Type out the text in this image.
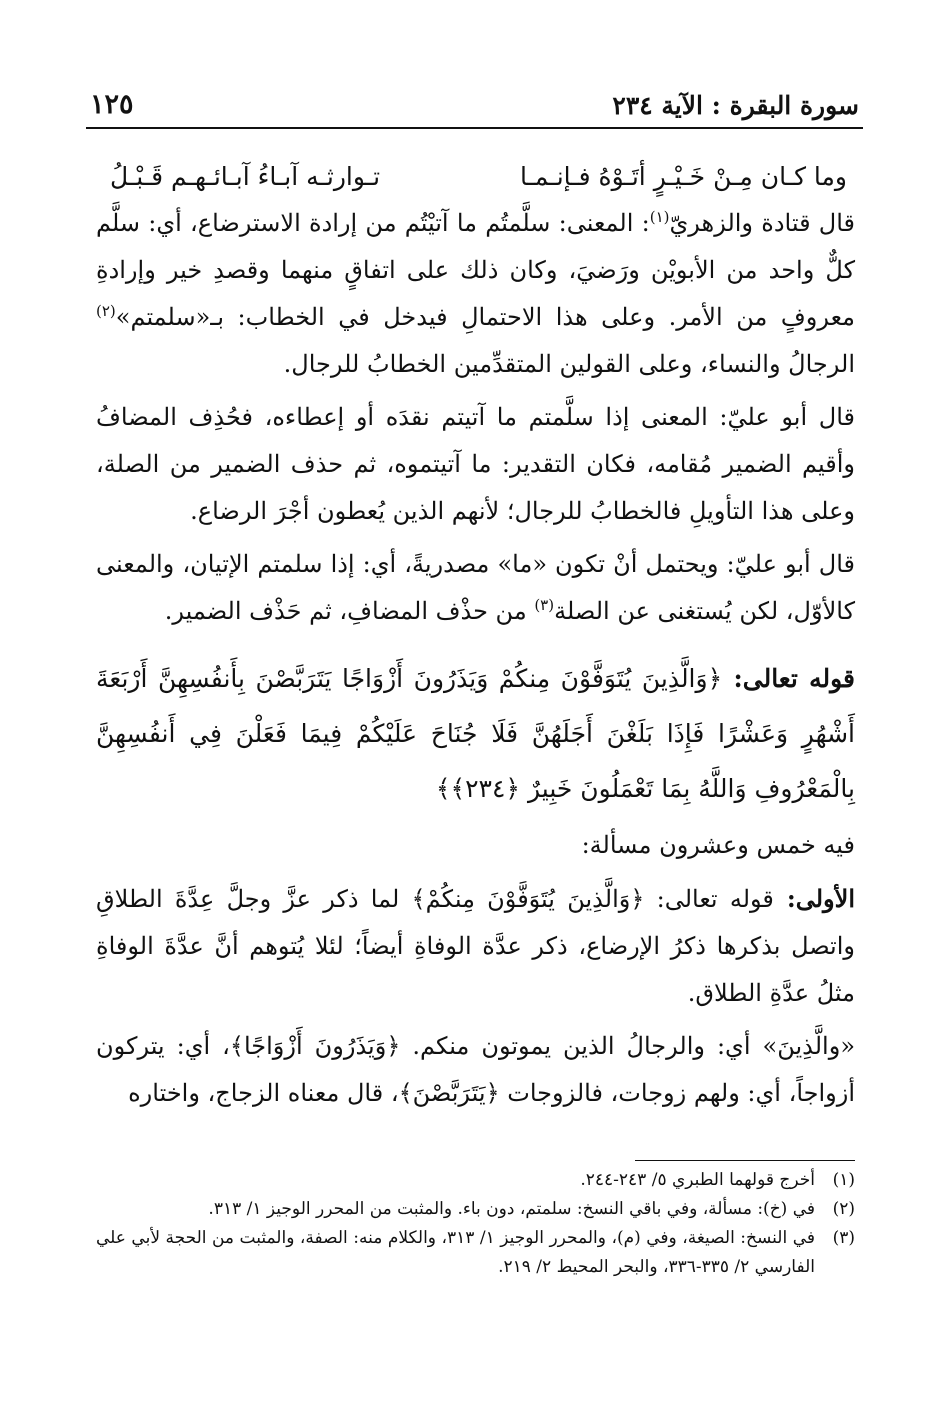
سورة البقرة : الآية ٢٣٤
١٢٥
وما كـان مِـنْ خَـيْـرٍ أتَـوْهُ فـإنـمـا
تـوارثـه آبـاءُ آبـائـهـم قَـبْـلُ

قال قتادة والزهريّ$^{(١)}$: المعنى: سلَّمتُم ما آتيْتُم من إرادة الاسترضاع، أي: سلَّم كلٌّ واحد من الأبويْن ورَضيَ، وكان ذلك على اتفاقٍ منهما وقصدِ خير وإرادةِ معروفٍ من الأمر. وعلى هذا الاحتمالِ فيدخل في الخطاب: بـ«سلمتم»$^{(٢)}$ الرجالُ والنساء، وعلى القولين المتقدِّمين الخطابُ للرجال.

قال أبو عليّ: المعنى إذا سلَّمتم ما آتيتم نقدَه أو إعطاءه، فحُذِف المضافُ وأقيم الضمير مُقامه، فكان التقدير: ما آتيتموه، ثم حذف الضمير من الصلة، وعلى هذا التأويلِ فالخطابُ للرجال؛ لأنهم الذين يُعطون أجْرَ الرضاع.

قال أبو عليّ: ويحتمل أنْ تكون «ما» مصدريةً، أي: إذا سلمتم الإتيان، والمعنى كالأوّل، لكن يُستغنى عن الصلة$^{(٣)}$ من حذْف المضافِ، ثم حَذْف الضمير.

قوله تعالى: ﴿وَالَّذِينَ يُتَوَفَّوْنَ مِنكُمْ وَيَذَرُونَ أَزْوَاجًا يَتَرَبَّصْنَ بِأَنفُسِهِنَّ أَرْبَعَةَ أَشْهُرٍ وَعَشْرًا فَإِذَا بَلَغْنَ أَجَلَهُنَّ فَلَا جُنَاحَ عَلَيْكُمْ فِيمَا فَعَلْنَ فِي أَنفُسِهِنَّ بِالْمَعْرُوفِ وَاللَّهُ بِمَا تَعْمَلُونَ خَبِيرٌ ﴿٢٣٤﴾﴾

فيه خمس وعشرون مسألة:

الأولى: قوله تعالى: ﴿وَالَّذِينَ يُتَوَفَّوْنَ مِنكُمْ﴾ لما ذكر عزَّ وجلَّ عِدَّةَ الطلاقِ واتصل بذكرها ذكرُ الإرضاع، ذكر عدَّة الوفاةِ أيضاً؛ لئلا يُتوهم أنَّ عدَّةَ الوفاةِ مثلُ عدَّةِ الطلاق.

«والَّذِينَ» أي: والرجالُ الذين يموتون منكم. ﴿وَيَذَرُونَ أَزْوَاجًا﴾، أي: يتركون أزواجاً، أي: ولهم زوجات، فالزوجات ﴿يَتَرَبَّصْنَ﴾، قال معناه الزجاج، واختاره

(١)
أخرج قولهما الطبري ٥/ ٢٤٣-٢٤٤.
(٢)
في (خ): مسألة، وفي باقي النسخ: سلمتم، دون باء. والمثبت من المحرر الوجيز ١/ ٣١٣.
(٣)
في النسخ: الصيغة، وفي (م)، والمحرر الوجيز ١/ ٣١٣، والكلام منه: الصفة، والمثبت من الحجة لأبي علي الفارسي ٢/ ٣٣٥-٣٣٦، والبحر المحيط ٢/ ٢١٩.
